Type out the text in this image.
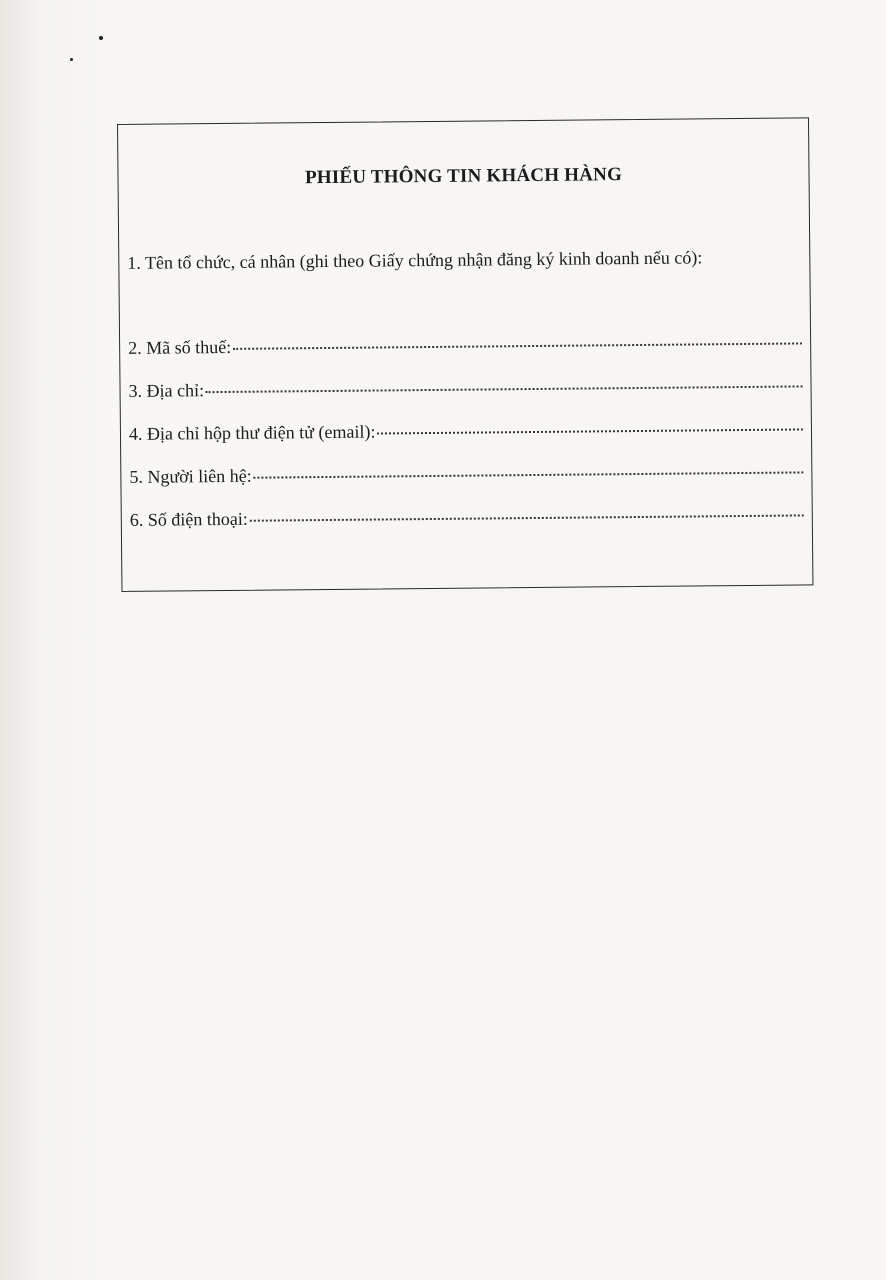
PHIẾU THÔNG TIN KHÁCH HÀNG
1. Tên tổ chức, cá nhân (ghi theo Giấy chứng nhận đăng ký kinh doanh nếu có):
2. Mã số thuế:
3. Địa chỉ:
4. Địa chỉ hộp thư điện tử (email):
5. Người liên hệ:
6. Số điện thoại:
